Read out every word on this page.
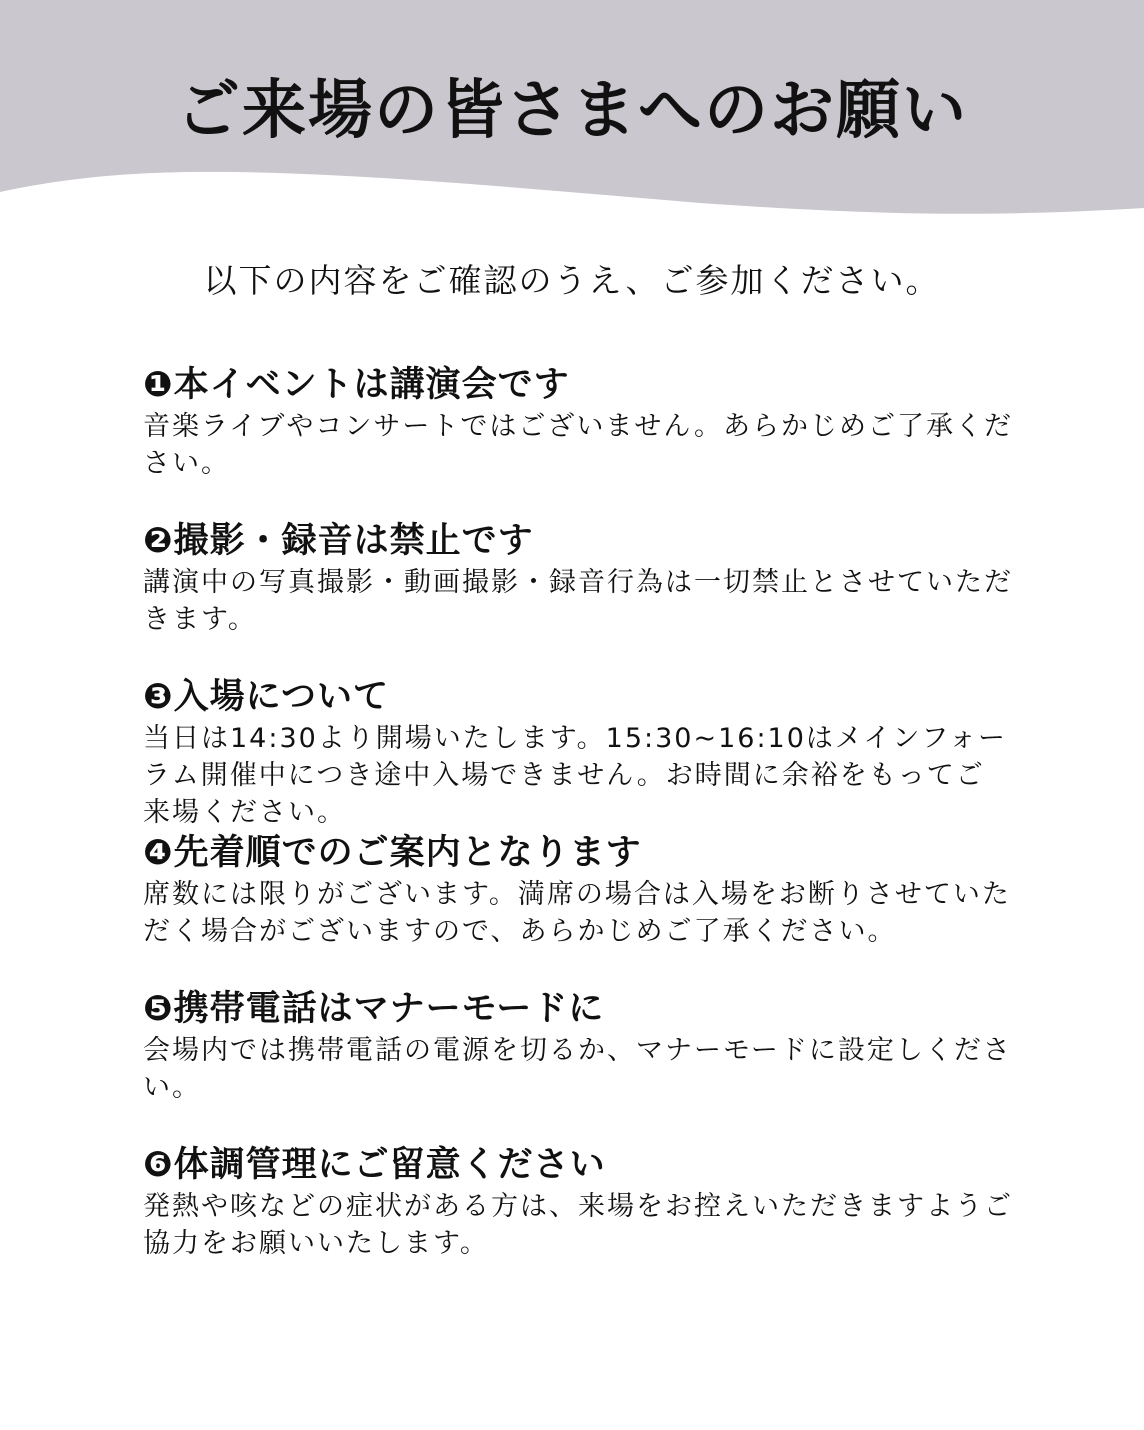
ご来場の皆さまへのお願い

以下の内容をご確認のうえ、ご参加ください。

❶本イベントは講演会です

音楽ライブやコンサートではございません。あらかじめご了承ください。

❷撮影・録音は禁止です

講演中の写真撮影・動画撮影・録音行為は一切禁止とさせていただきます。

❸入場について

当日は14:30より開場いたします。15:30~16:10はメインフォーラム開催中につき途中入場できません。お時間に余裕をもってご来場ください。

❹先着順でのご案内となります

席数には限りがございます。満席の場合は入場をお断りさせていただく場合がございますので、あらかじめご了承ください。

❺携帯電話はマナーモードに

会場内では携帯電話の電源を切るか、マナーモードに設定しください。

❻体調管理にご留意ください

発熱や咳などの症状がある方は、来場をお控えいただきますようご協力をお願いいたします。
